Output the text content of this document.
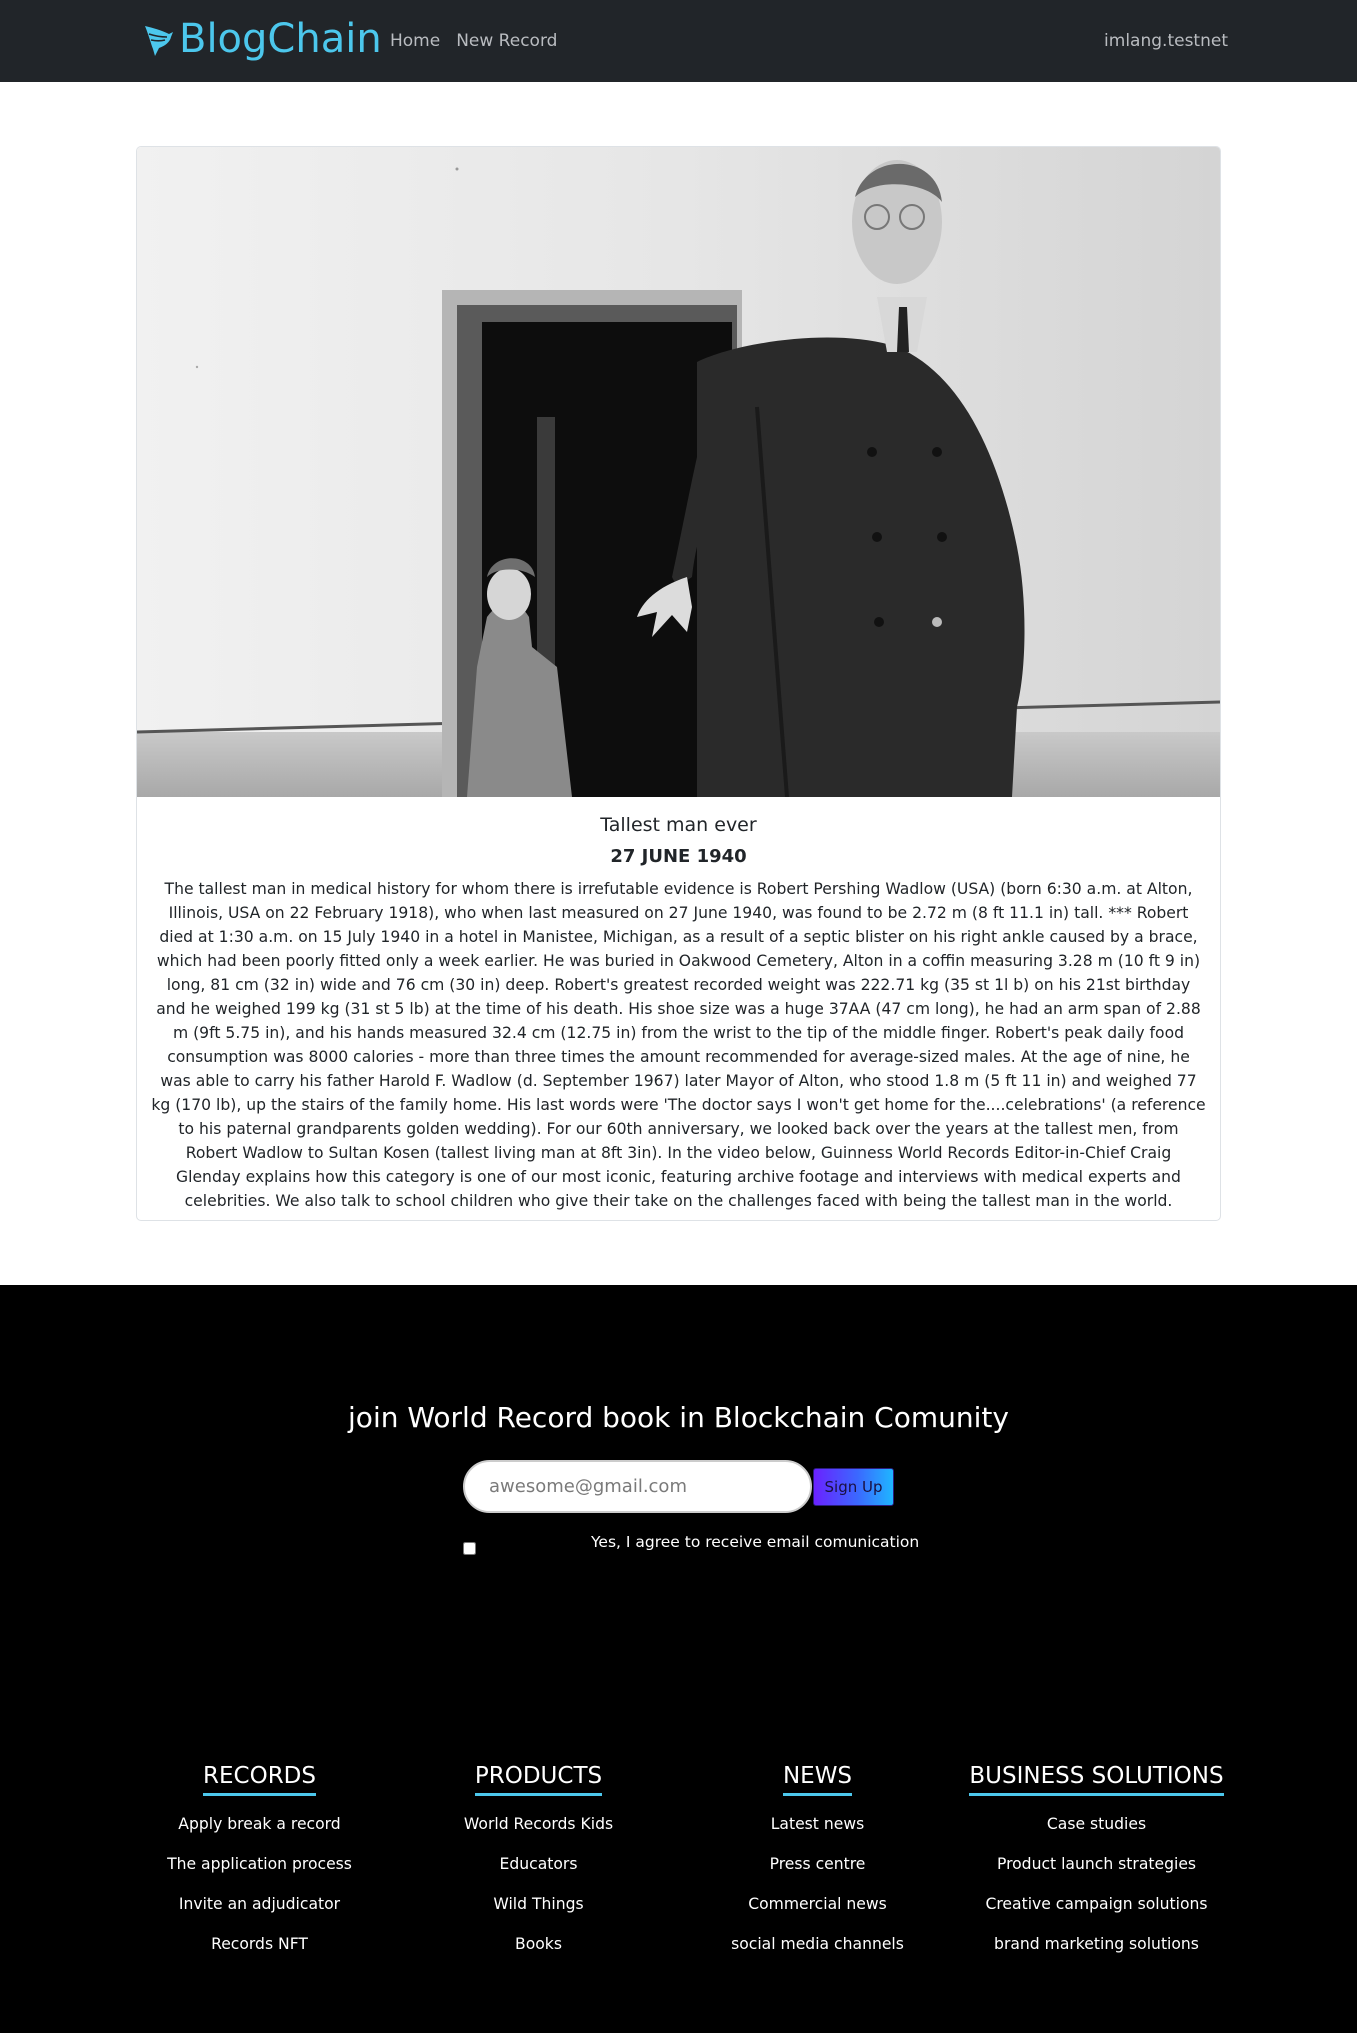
BlogChain Home New Record	imlang.testnet
Tallest man ever
27 JUNE 1940

The tallest man in medical history for whom there is irrefutable evidence is Robert Pershing Wadlow (USA) (born 6:30 a.m. at Alton, Illinois, USA on 22 February 1918), who when last measured on 27 June 1940, was found to be 2.72 m (8 ft 11.1 in) tall. *** Robert died at 1:30 a.m. on 15 July 1940 in a hotel in Manistee, Michigan, as a result of a septic blister on his right ankle caused by a brace, which had been poorly fitted only a week earlier. He was buried in Oakwood Cemetery, Alton in a coffin measuring 3.28 m (10 ft 9 in) long, 81 cm (32 in) wide and 76 cm (30 in) deep. Robert's greatest recorded weight was 222.71 kg (35 st 1l b) on his 21st birthday and he weighed 199 kg (31 st 5 lb) at the time of his death. His shoe size was a huge 37AA (47 cm long), he had an arm span of 2.88 m (9ft 5.75 in), and his hands measured 32.4 cm (12.75 in) from the wrist to the tip of the middle finger. Robert's peak daily food consumption was 8000 calories - more than three times the amount recommended for average-sized males. At the age of nine, he was able to carry his father Harold F. Wadlow (d. September 1967) later Mayor of Alton, who stood 1.8 m (5 ft 11 in) and weighed 77 kg (170 lb), up the stairs of the family home. His last words were 'The doctor says I won't get home for the....celebrations' (a reference to his paternal grandparents golden wedding). For our 60th anniversary, we looked back over the years at the tallest men, from Robert Wadlow to Sultan Kosen (tallest living man at 8ft 3in). In the video below, Guinness World Records Editor-in-Chief Craig Glenday explains how this category is one of our most iconic, featuring archive footage and interviews with medical experts and celebrities. We also talk to school children who give their take on the challenges faced with being the tallest man in the world.

join World Record book in Blockchain Comunity
awesome@gmail.com
Sign Up
Yes, I agree to receive email comunication
RECORDS
Apply break a record
The application process
Invite an adjudicator
Records NFT
PRODUCTS
World Records Kids
Educators
Wild Things
Books
NEWS
Latest news
Press centre
Commercial news
social media channels
BUSINESS SOLUTIONS
Case studies
Product launch strategies
Creative campaign solutions
brand marketing solutions
